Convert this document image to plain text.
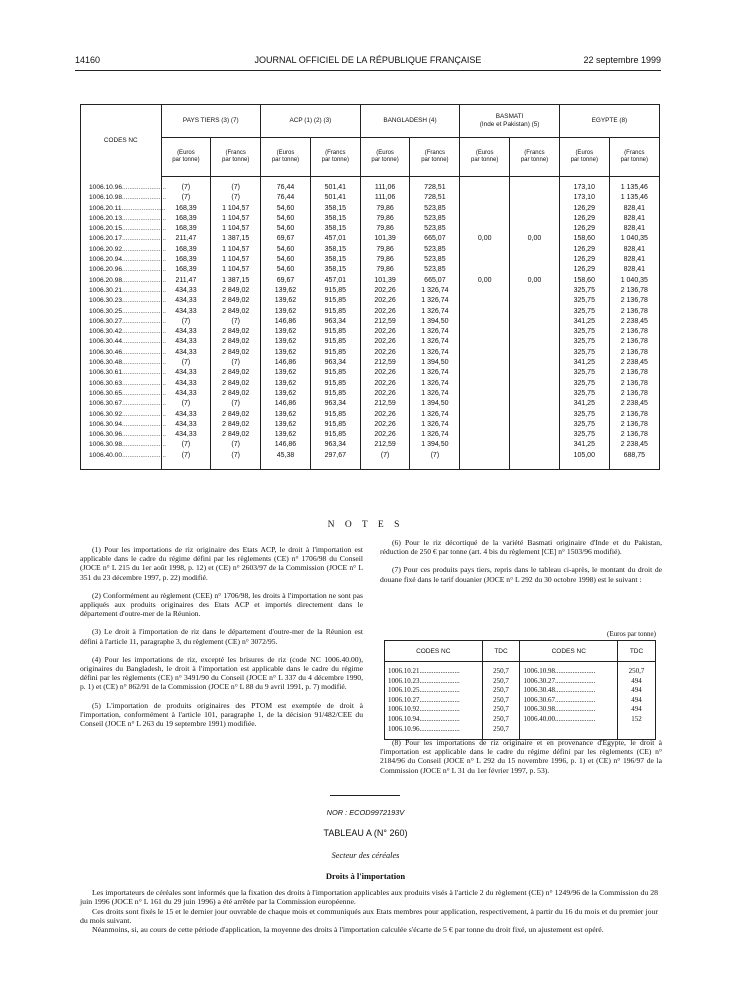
14160	JOURNAL OFFICIEL DE LA RÉPUBLIQUE FRANÇAISE	22 septembre 1999
CODES NC	PAYS TIERS (3) (7)		ACP (1) (2) (3)		BANGLADESH (4)		BASMATI
(Inde et Pakistan) (5)		EGYPTE (8)	
	(Euros
par tonne)	(Francs
par tonne)	(Euros
par tonne)	(Francs
par tonne)	(Euros
par tonne)	(Francs
par tonne)	(Euros
par tonne)	(Francs
par tonne)	(Euros
par tonne)	(Francs
par tonne)
1006.10.96........................	(7)	(7)	76,44	501,41	111,06	728,51			173,10	1 135,46
1006.10.98........................	(7)	(7)	76,44	501,41	111,06	728,51			173,10	1 135,46
1006.20.11........................	168,39	1 104,57	54,60	358,15	79,86	523,85			126,29	828,41
1006.20.13........................	168,39	1 104,57	54,60	358,15	79,86	523,85			126,29	828,41
1006.20.15........................	168,39	1 104,57	54,60	358,15	79,86	523,85			126,29	828,41
1006.20.17........................	211,47	1 387,15	69,67	457,01	101,39	665,07	0,00	0,00	158,60	1 040,35
1006.20.92........................	168,39	1 104,57	54,60	358,15	79,86	523,85			126,29	828,41
1006.20.94........................	168,39	1 104,57	54,60	358,15	79,86	523,85			126,29	828,41
1006.20.96........................	168,39	1 104,57	54,60	358,15	79,86	523,85			126,29	828,41
1006.20.98........................	211,47	1 387,15	69,67	457,01	101,39	665,07	0,00	0,00	158,60	1 040,35
1006.30.21........................	434,33	2 849,02	139,62	915,85	202,26	1 326,74			325,75	2 136,78
1006.30.23........................	434,33	2 849,02	139,62	915,85	202,26	1 326,74			325,75	2 136,78
1006.30.25........................	434,33	2 849,02	139,62	915,85	202,26	1 326,74			325,75	2 136,78
1006.30.27........................	(7)	(7)	146,86	963,34	212,59	1 394,50			341,25	2 238,45
1006.30.42........................	434,33	2 849,02	139,62	915,85	202,26	1 326,74			325,75	2 136,78
1006.30.44........................	434,33	2 849,02	139,62	915,85	202,26	1 326,74			325,75	2 136,78
1006.30.46........................	434,33	2 849,02	139,62	915,85	202,26	1 326,74			325,75	2 136,78
1006.30.48........................	(7)	(7)	146,86	963,34	212,59	1 394,50			341,25	2 238,45
1006.30.61........................	434,33	2 849,02	139,62	915,85	202,26	1 326,74			325,75	2 136,78
1006.30.63........................	434,33	2 849,02	139,62	915,85	202,26	1 326,74			325,75	2 136,78
1006.30.65........................	434,33	2 849,02	139,62	915,85	202,26	1 326,74			325,75	2 136,78
1006.30.67........................	(7)	(7)	146,86	963,34	212,59	1 394,50			341,25	2 238,45
1006.30.92........................	434,33	2 849,02	139,62	915,85	202,26	1 326,74			325,75	2 136,78
1006.30.94........................	434,33	2 849,02	139,62	915,85	202,26	1 326,74			325,75	2 136,78
1006.30.96........................	434,33	2 849,02	139,62	915,85	202,26	1 326,74			325,75	2 136,78
1006.30.98........................	(7)	(7)	146,86	963,34	212,59	1 394,50			341,25	2 238,45
1006.40.00........................	(7)	(7)	45,38	297,67	(7)	(7)			105,00	688,75
N O T E S

(1) Pour les importations de riz originaire des Etats ACP, le droit à l'importation est applicable dans le cadre du régime défini par les règlements (CE) n° 1706/98 du Conseil (JOCE n° L 215 du 1er août 1998, p. 12) et (CE) n° 2603/97 de la Commission (JOCE n° L 351 du 23 décembre 1997, p. 22) modifié.

(2) Conformément au règlement (CEE) n° 1706/98, les droits à l'importation ne sont pas appliqués aux produits originaires des Etats ACP et importés directement dans le département d'outre-mer de la Réunion.

(3) Le droit à l'importation de riz dans le département d'outre-mer de la Réunion est défini à l'article 11, paragraphe 3, du règlement (CE) n° 3072/95.

(4) Pour les importations de riz, excepté les brisures de riz (code NC 1006.40.00), originaires du Bangladesh, le droit à l'importation est applicable dans le cadre du régime défini par les règlements (CE) n° 3491/90 du Conseil (JOCE n° L 337 du 4 décembre 1990, p. 1) et (CE) n° 862/91 de la Commission (JOCE n° L 88 du 9 avril 1991, p. 7) modifié.

(5) L'importation de produits originaires des PTOM est exemptée de droit à l'importation, conformément à l'article 101, paragraphe 1, de la décision 91/482/CEE du Conseil (JOCE n° L 263 du 19 septembre 1991) modifiée.

(6) Pour le riz décortiqué de la variété Basmati originaire d'Inde et du Pakistan, réduction de 250 € par tonne (art. 4 bis du règlement [CE] n° 1503/96 modifié).

(7) Pour ces produits pays tiers, repris dans le tableau ci-après, le montant du droit de douane fixé dans le tarif douanier (JOCE n° L 292 du 30 octobre 1998) est le suivant :

(Euros par tonne)
CODES NC	TDC	CODES NC	TDC
1006.10.21.......................	250,7	1006.10.98.......................	250,7
1006.10.23.......................	250,7	1006.30.27.......................	494
1006.10.25.......................	250,7	1006.30.48.......................	494
1006.10.27.......................	250,7	1006.30.67.......................	494
1006.10.92.......................	250,7	1006.30.98.......................	494
1006.10.94.......................	250,7	1006.40.00.......................	152
1006.10.96.......................	250,7		
(8) Pour les importations de riz originaire et en provenance d'Egypte, le droit à l'importation est applicable dans le cadre du régime défini par les règlements (CE) n° 2184/96 du Conseil (JOCE n° L 292 du 15 novembre 1996, p. 1) et (CE) n° 196/97 de la Commission (JOCE n° L 31 du 1er février 1997, p. 53).
NOR : ECOD9972193V
TABLEAU A (N° 260)
Secteur des céréales
Droits à l'importation

Les importateurs de céréales sont informés que la fixation des droits à l'importation applicables aux produits visés à l'article 2 du règlement (CE) n° 1249/96 de la Commission du 28 juin 1996 (JOCE n° L 161 du 29 juin 1996) a été arrêtée par la Commission européenne.

Ces droits sont fixés le 15 et le dernier jour ouvrable de chaque mois et communiqués aux Etats membres pour application, respectivement, à partir du 16 du mois et du premier jour du mois suivant.

Néanmoins, si, au cours de cette période d'application, la moyenne des droits à l'importation calculée s'écarte de 5 € par tonne du droit fixé, un ajustement est opéré.
